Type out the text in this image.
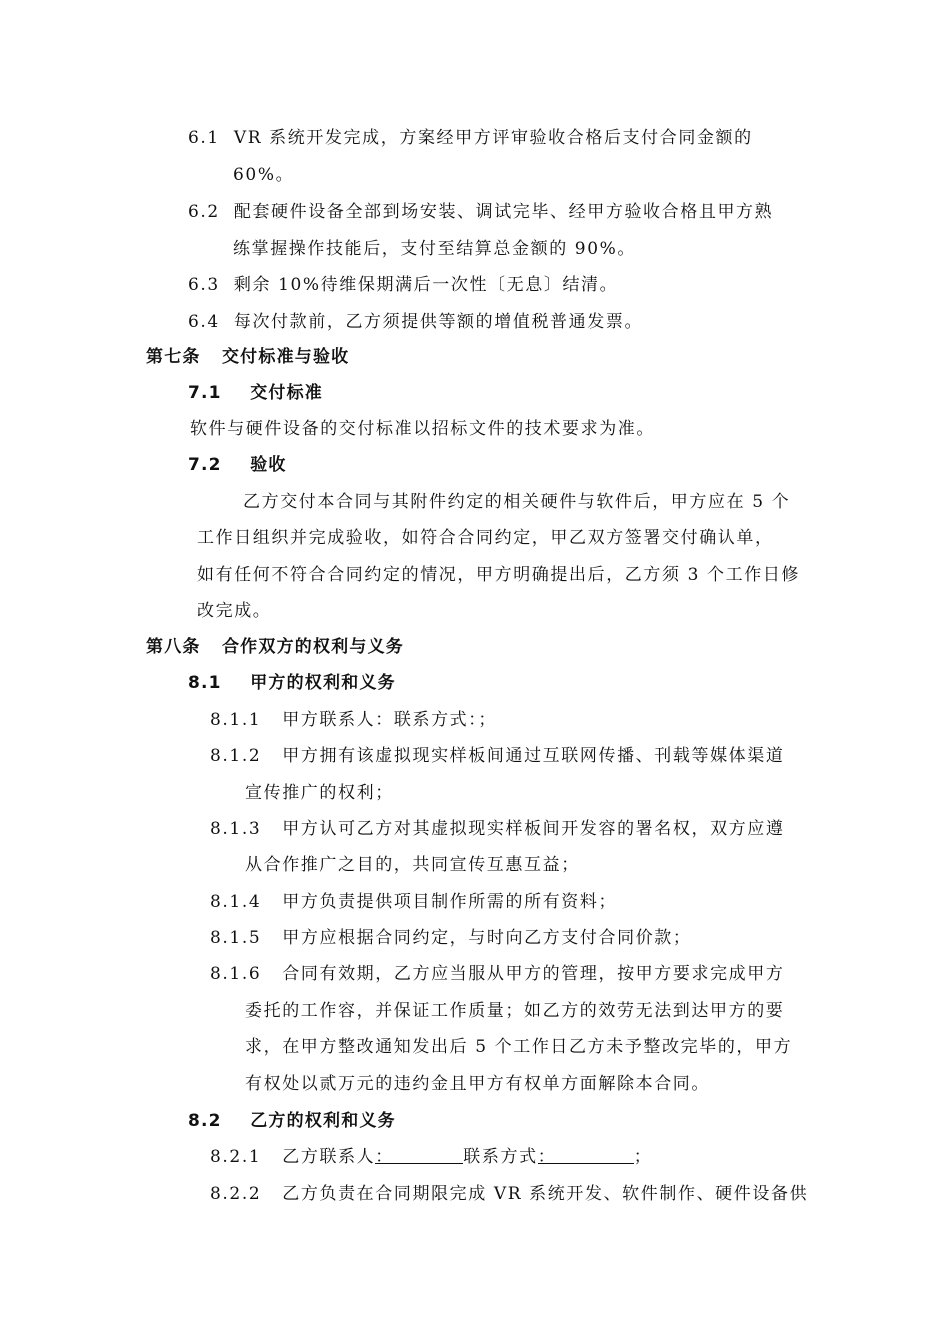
6.1 VR 系统开发完成，方案经甲方评审验收合格后支付合同金额的
60%。
6.2 配套硬件设备全部到场安装、调试完毕、经甲方验收合格且甲方熟
练掌握操作技能后，支付至结算总金额的 90%。
6.3 剩余 10%待维保期满后一次性〔无息〕结清。
6.4 每次付款前，乙方须提供等额的增值税普通发票。
第七条 交付标准与验收
7.1 交付标准
软件与硬件设备的交付标准以招标文件的技术要求为准。
7.2 验收
乙方交付本合同与其附件约定的相关硬件与软件后，甲方应在 5 个
工作日组织并完成验收，如符合合同约定，甲乙双方签署交付确认单，
如有任何不符合合同约定的情况，甲方明确提出后，乙方须 3 个工作日修
改完成。
第八条 合作双方的权利与义务
8.1 甲方的权利和义务
8.1.1 甲方联系人：联系方式：；
8.1.2 甲方拥有该虚拟现实样板间通过互联网传播、刊载等媒体渠道
宣传推广的权利；
8.1.3 甲方认可乙方对其虚拟现实样板间开发容的署名权，双方应遵
从合作推广之目的，共同宣传互惠互益；
8.1.4 甲方负责提供项目制作所需的所有资料；
8.1.5 甲方应根据合同约定，与时向乙方支付合同价款；
8.1.6 合同有效期，乙方应当服从甲方的管理，按甲方要求完成甲方
委托的工作容，并保证工作质量；如乙方的效劳无法到达甲方的要
求，在甲方整改通知发出后 5 个工作日乙方未予整改完毕的，甲方
有权处以贰万元的违约金且甲方有权单方面解除本合同。
8.2 乙方的权利和义务
8.2.1 乙方联系人：	联系方式：	；
8.2.2 乙方负责在合同期限完成 VR 系统开发、软件制作、硬件设备供
